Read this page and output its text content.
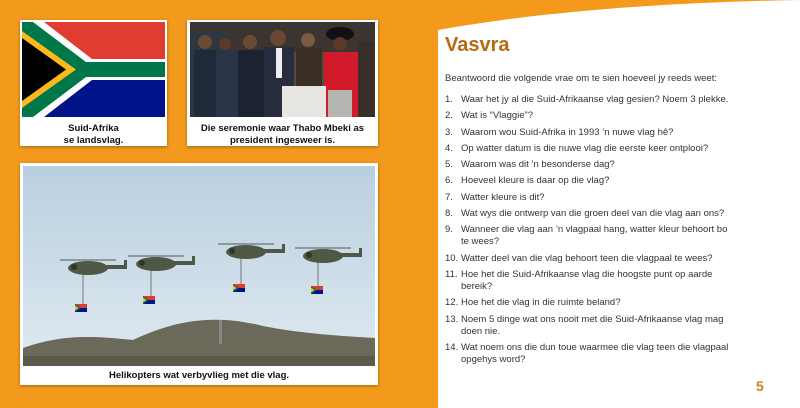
Suid-Afrika
se landsvlag.
Die seremonie waar Thabo Mbeki as
president ingesweer is.
Helikopters wat verbyvlieg met die vlag.
Vasvra
Beantwoord die volgende vrae om te sien hoeveel jy reeds weet:
1. Waar het jy al die Suid-Afrikaanse vlag gesien? Noem 3 plekke.
2. Wat is “Vlaggie”?
3. Waarom wou Suid-Afrika in 1993 ’n nuwe vlag hê?
4. Op watter datum is die nuwe vlag die eerste keer ontplooi?
5. Waarom was dit ’n besonderse dag?
6. Hoeveel kleure is daar op die vlag?
7. Watter kleure is dit?
8. Wat wys die ontwerp van die groen deel van die vlag aan ons?
9. Wanneer die vlag aan ’n vlagpaal hang, watter kleur behoort bo
te wees?
10. Watter deel van die vlag behoort teen die vlagpaal te wees?
11. Hoe het die Suid-Afrikaanse vlag die hoogste punt op aarde
bereik?
12. Hoe het die vlag in die ruimte beland?
13. Noem 5 dinge wat ons nooit met die Suid-Afrikaanse vlag mag
doen nie.
14. Wat noem ons die dun toue waarmee die vlag teen die vlagpaal
opgehys word?
5
